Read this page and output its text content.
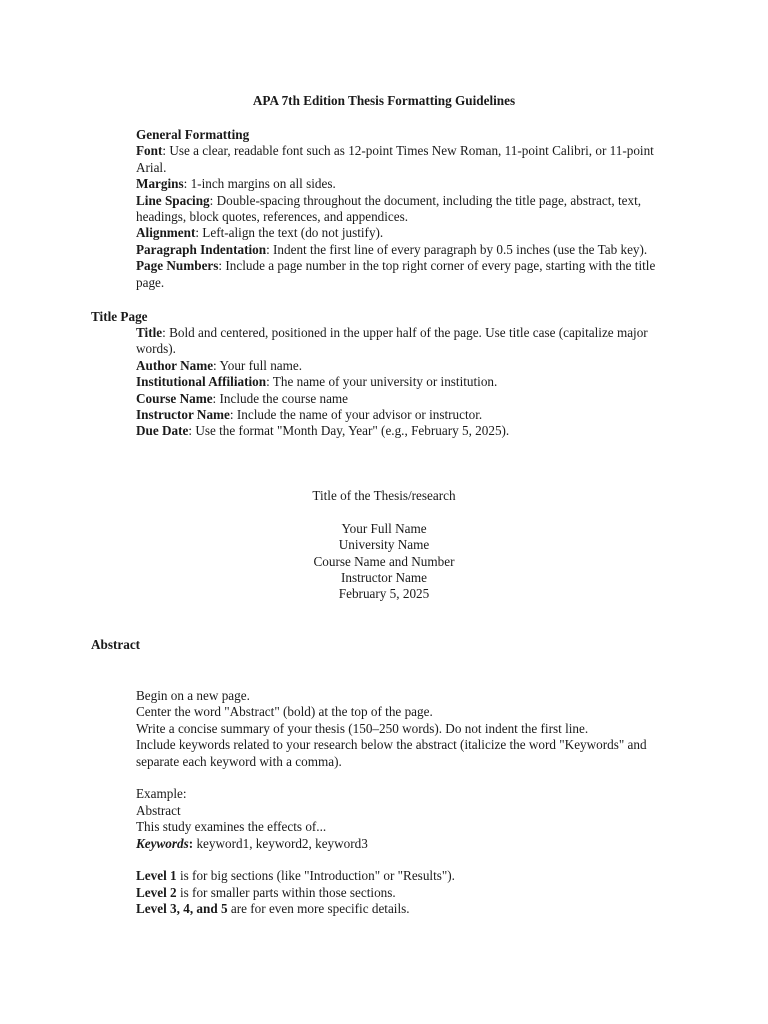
APA 7th Edition Thesis Formatting Guidelines
General Formatting
Font: Use a clear, readable font such as 12-point Times New Roman, 11-point Calibri, or 11-point Arial.
Margins: 1-inch margins on all sides.
Line Spacing: Double-spacing throughout the document, including the title page, abstract, text, headings, block quotes, references, and appendices.
Alignment: Left-align the text (do not justify).
Paragraph Indentation: Indent the first line of every paragraph by 0.5 inches (use the Tab key).
Page Numbers: Include a page number in the top right corner of every page, starting with the title page.
Title Page
Title: Bold and centered, positioned in the upper half of the page. Use title case (capitalize major words).
Author Name: Your full name.
Institutional Affiliation: The name of your university or institution.
Course Name: Include the course name
Instructor Name: Include the name of your advisor or instructor.
Due Date: Use the format "Month Day, Year" (e.g., February 5, 2025).
Title of the Thesis/research
Your Full Name
University Name
Course Name and Number
Instructor Name
February 5, 2025
Abstract
Begin on a new page.
Center the word "Abstract" (bold) at the top of the page.
Write a concise summary of your thesis (150–250 words). Do not indent the first line.
Include keywords related to your research below the abstract (italicize the word "Keywords" and separate each keyword with a comma).
Example:
Abstract
This study examines the effects of...
Keywords: keyword1, keyword2, keyword3
Level 1 is for big sections (like "Introduction" or "Results").
Level 2 is for smaller parts within those sections.
Level 3, 4, and 5 are for even more specific details.
